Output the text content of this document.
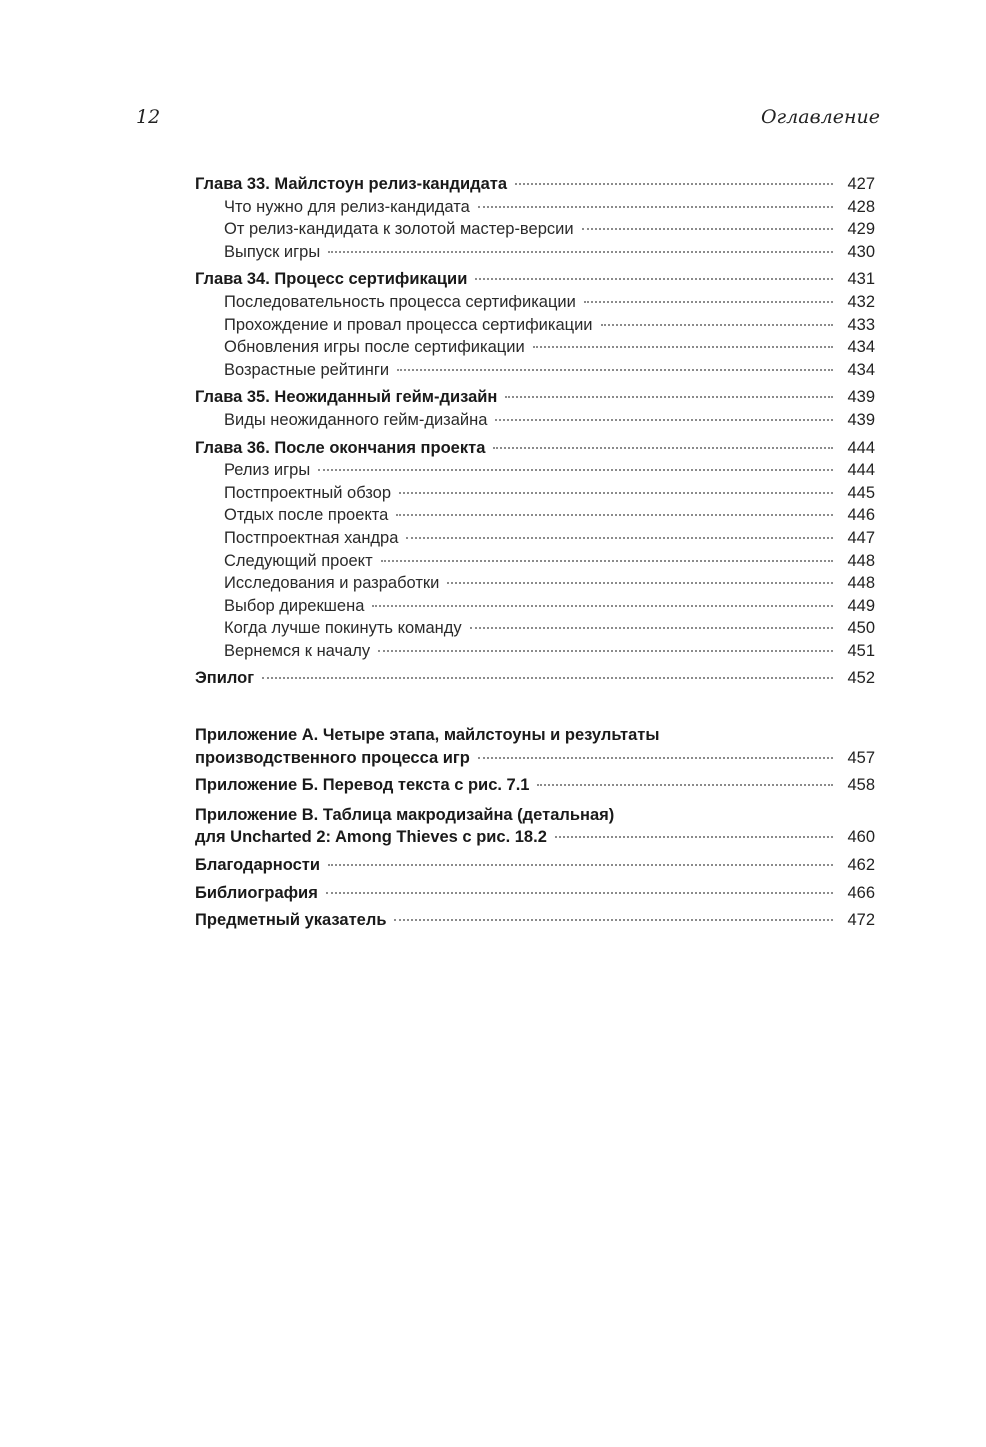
12	Оглавление
Глава 33. Майлстоун релиз-кандидата	427
Что нужно для релиз-кандидата	428
От релиз-кандидата к золотой мастер-версии	429
Выпуск игры	430
Глава 34. Процесс сертификации	431
Последовательность процесса сертификации	432
Прохождение и провал процесса сертификации	433
Обновления игры после сертификации	434
Возрастные рейтинги	434
Глава 35. Неожиданный гейм-дизайн	439
Виды неожиданного гейм-дизайна	439
Глава 36. После окончания проекта	444
Релиз игры	444
Постпроектный обзор	445
Отдых после проекта	446
Постпроектная хандра	447
Следующий проект	448
Исследования и разработки	448
Выбор дирекшена	449
Когда лучше покинуть команду	450
Вернемся к началу	451
Эпилог	452
Приложение А. Четыре этапа, майлстоуны и результаты
производственного процесса игр	457
Приложение Б. Перевод текста с рис. 7.1	458
Приложение В. Таблица макродизайна (детальная)
для Uncharted 2: Among Thieves с рис. 18.2	460
Благодарности	462
Библиография	466
Предметный указатель	472
